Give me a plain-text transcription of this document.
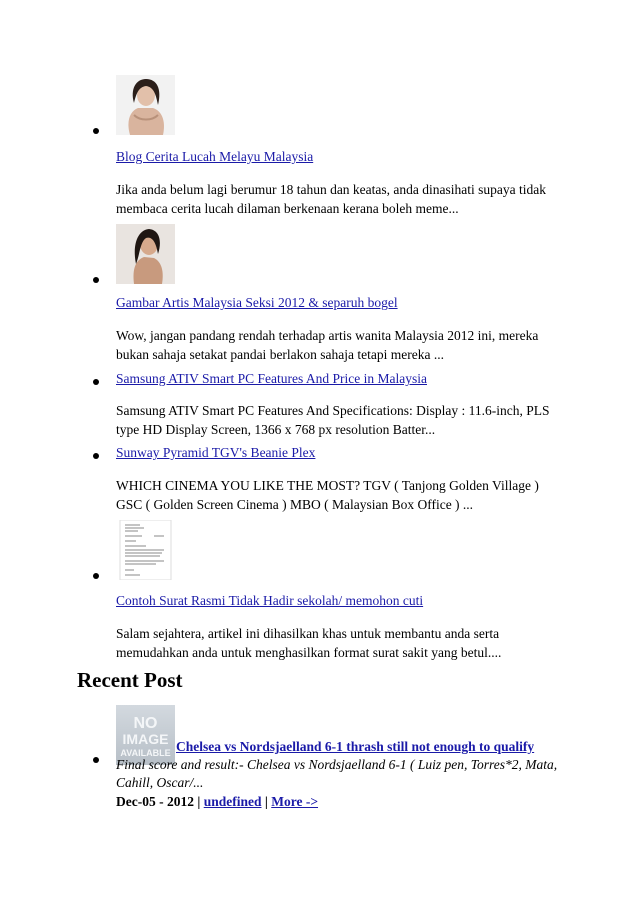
Blog Cerita Lucah Melayu Malaysia
Jika anda belum lagi berumur 18 tahun dan keatas, anda dinasihati supaya tidak membaca cerita lucah dilaman berkenaan kerana boleh meme...
Gambar Artis Malaysia Seksi 2012 & separuh bogel
Wow, jangan pandang rendah terhadap artis wanita Malaysia 2012 ini, mereka bukan sahaja setakat pandai berlakon sahaja tetapi mereka ...
Samsung ATIV Smart PC Features And Price in Malaysia
Samsung ATIV Smart PC Features And Specifications: Display : 11.6-inch, PLS type HD Display Screen, 1366 x 768 px resolution Batter...
Sunway Pyramid TGV's Beanie Plex
WHICH CINEMA YOU LIKE THE MOST? TGV ( Tanjong Golden Village ) GSC ( Golden Screen Cinema ) MBO ( Malaysian Box Office ) ...
Contoh Surat Rasmi Tidak Hadir sekolah/ memohon cuti
Salam sejahtera, artikel ini dihasilkan khas untuk membantu anda serta memudahkan anda untuk menghasilkan format surat sakit yang betul....
Recent Post
NO
IMAGE
AVAILABLE Chelsea vs Nordsjaelland 6-1 thrash still not enough to qualify
Final score and result:- Chelsea vs Nordsjaelland 6-1 ( Luiz pen, Torres*2, Mata, Cahill, Oscar/...
Dec-05 - 2012 | undefined | More ->
